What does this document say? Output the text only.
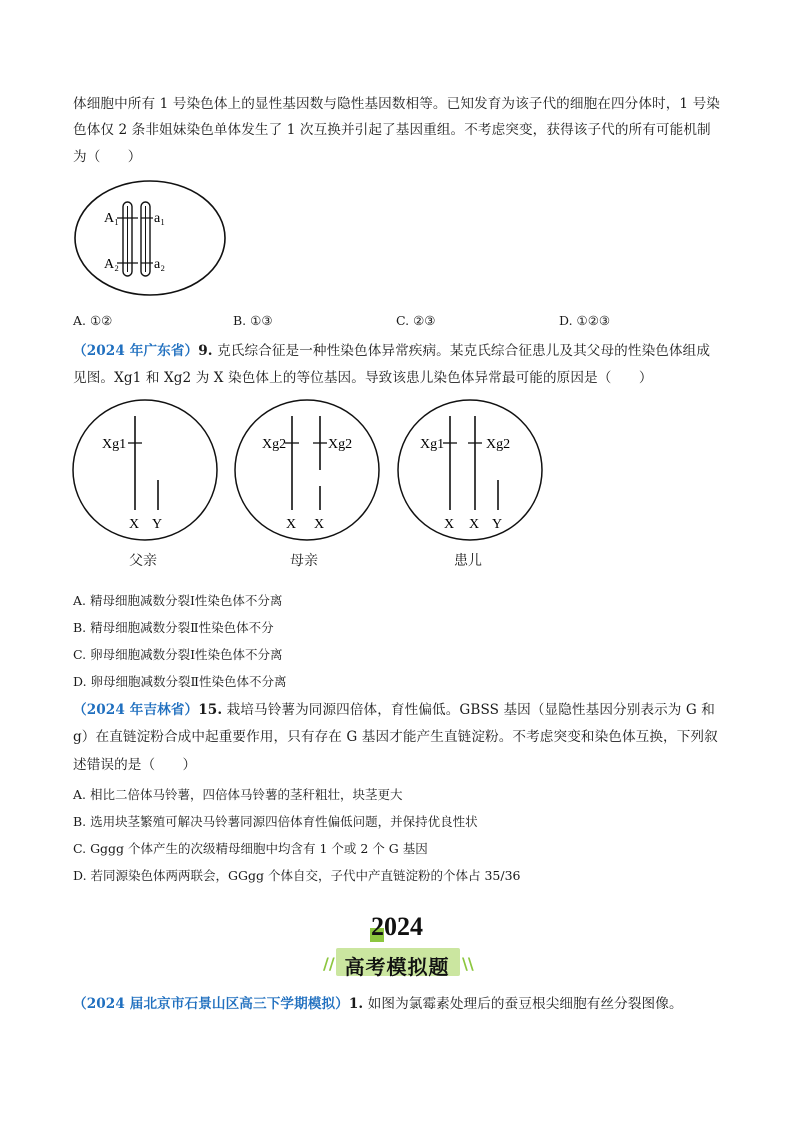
体细胞中所有 1 号染色体上的显性基因数与隐性基因数相等。已知发育为该子代的细胞在四分体时，1 号染
色体仅 2 条非姐妹染色单体发生了 1 次互换并引起了基因重组。不考虑突变，获得该子代的所有可能机制
为（　　）
A₁	a₁
A₂	a₂
A. ①②	B. ①③	C. ②③	D. ①②③
（2024 年广东省）9. 克氏综合征是一种性染色体异常疾病。某克氏综合征患儿及其父母的性染色体组成
见图。Xg1 和 Xg2 为 X 染色体上的等位基因。导致该患儿染色体异常最可能的原因是（　　）
Xg1
X Y
Xg2	Xg2
X X
Xg1	Xg2
X X Y
父亲	母亲	患儿
A. 精母细胞减数分裂Ⅰ性染色体不分离
B. 精母细胞减数分裂Ⅱ性染色体不分
C. 卵母细胞减数分裂Ⅰ性染色体不分离
D. 卵母细胞减数分裂Ⅱ性染色体不分离
（2024 年吉林省）15. 栽培马铃薯为同源四倍体，育性偏低。GBSS 基因（显隐性基因分别表示为 G 和
g）在直链淀粉合成中起重要作用，只有存在 G 基因才能产生直链淀粉。不考虑突变和染色体互换，下列叙
述错误的是（　　）
A. 相比二倍体马铃薯，四倍体马铃薯的茎秆粗壮，块茎更大
B. 选用块茎繁殖可解决马铃薯同源四倍体育性偏低问题，并保持优良性状
C. Gggg 个体产生的次级精母细胞中均含有 1 个或 2 个 G 基因
D. 若同源染色体两两联会，GGgg 个体自交，子代中产直链淀粉的个体占 35/36
2024
//	\\
高考模拟题
（2024 届北京市石景山区高三下学期模拟）1. 如图为氯霉素处理后的蚕豆根尖细胞有丝分裂图像。
